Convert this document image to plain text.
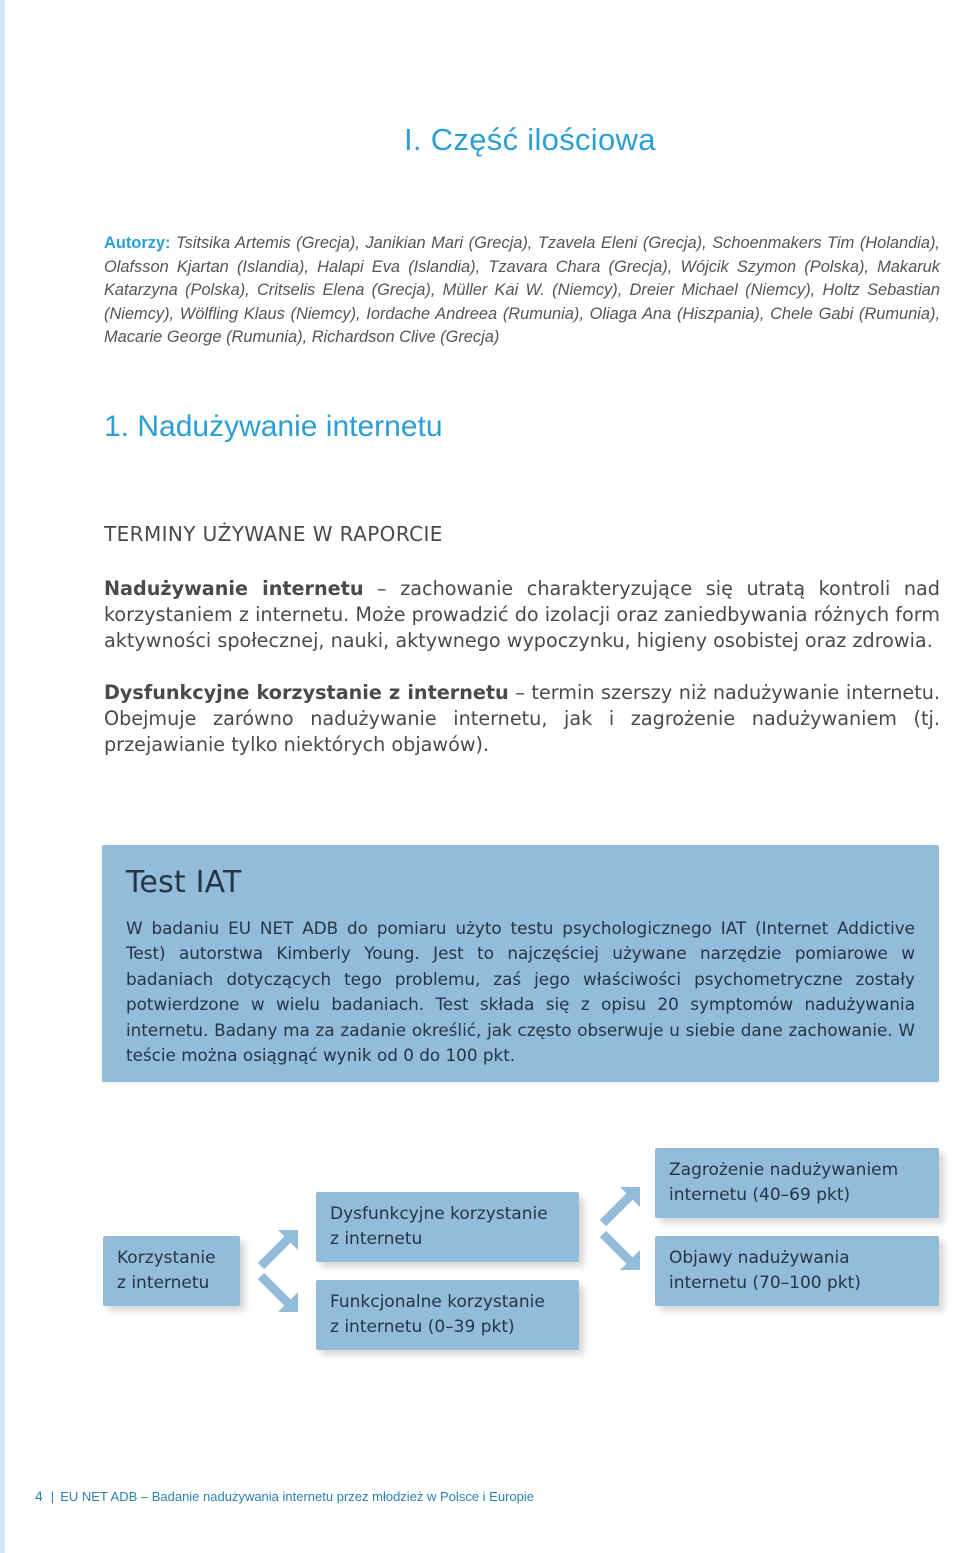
I. Część ilościowa

Autorzy: Tsitsika Artemis (Grecja), Janikian Mari (Grecja), Tzavela Eleni (Grecja), Schoenmakers Tim (Holandia), Olafsson Kjartan (Islandia), Halapi Eva (Islandia), Tzavara Chara (Grecja), Wójcik Szymon (Polska), Makaruk Katarzyna (Polska), Critselis Elena (Grecja), Müller Kai W. (Niemcy), Dreier Michael (Niemcy), Holtz Sebastian (Niemcy), Wölfling Klaus (Niemcy), Iordache Andreea (Rumunia), Oliaga Ana (Hiszpania), Chele Gabi (Rumunia), Macarie George (Rumunia), Richardson Clive (Grecja)

1. Nadużywanie internetu
TERMINY UŻYWANE W RAPORCIE

Nadużywanie internetu – zachowanie charakteryzujące się utratą kontroli nad korzystaniem z internetu. Może prowadzić do izolacji oraz zaniedbywania różnych form aktywności społecznej, nauki, aktywnego wypoczynku, higieny osobistej oraz zdrowia.

Dysfunkcyjne korzystanie z internetu – termin szerszy niż nadużywanie internetu. Obejmuje zarówno nadużywanie internetu, jak i zagrożenie nadużywaniem (tj. przejawianie tylko niektórych objawów).

Test IAT

W badaniu EU NET ADB do pomiaru użyto testu psychologicznego IAT (Internet Addictive Test) autorstwa Kimberly Young. Jest to najczęściej używane narzędzie pomiarowe w badaniach dotyczących tego problemu, zaś jego właściwości psychometryczne zostały potwierdzone w wielu badaniach. Test składa się z opisu 20 symptomów nadużywania internetu. Badany ma za zadanie określić, jak często obserwuje u siebie dane zachowanie. W teście można osiągnąć wynik od 0 do 100 pkt.

Korzystanie
z internetu
Dysfunkcyjne korzystanie
z internetu
Funkcjonalne korzystanie
z internetu (0–39 pkt)
Zagrożenie nadużywaniem
internetu (40–69 pkt)
Objawy nadużywania
internetu (70–100 pkt)

4 | EU NET ADB – Badanie nadużywania internetu przez młodzież w Polsce i Europie
